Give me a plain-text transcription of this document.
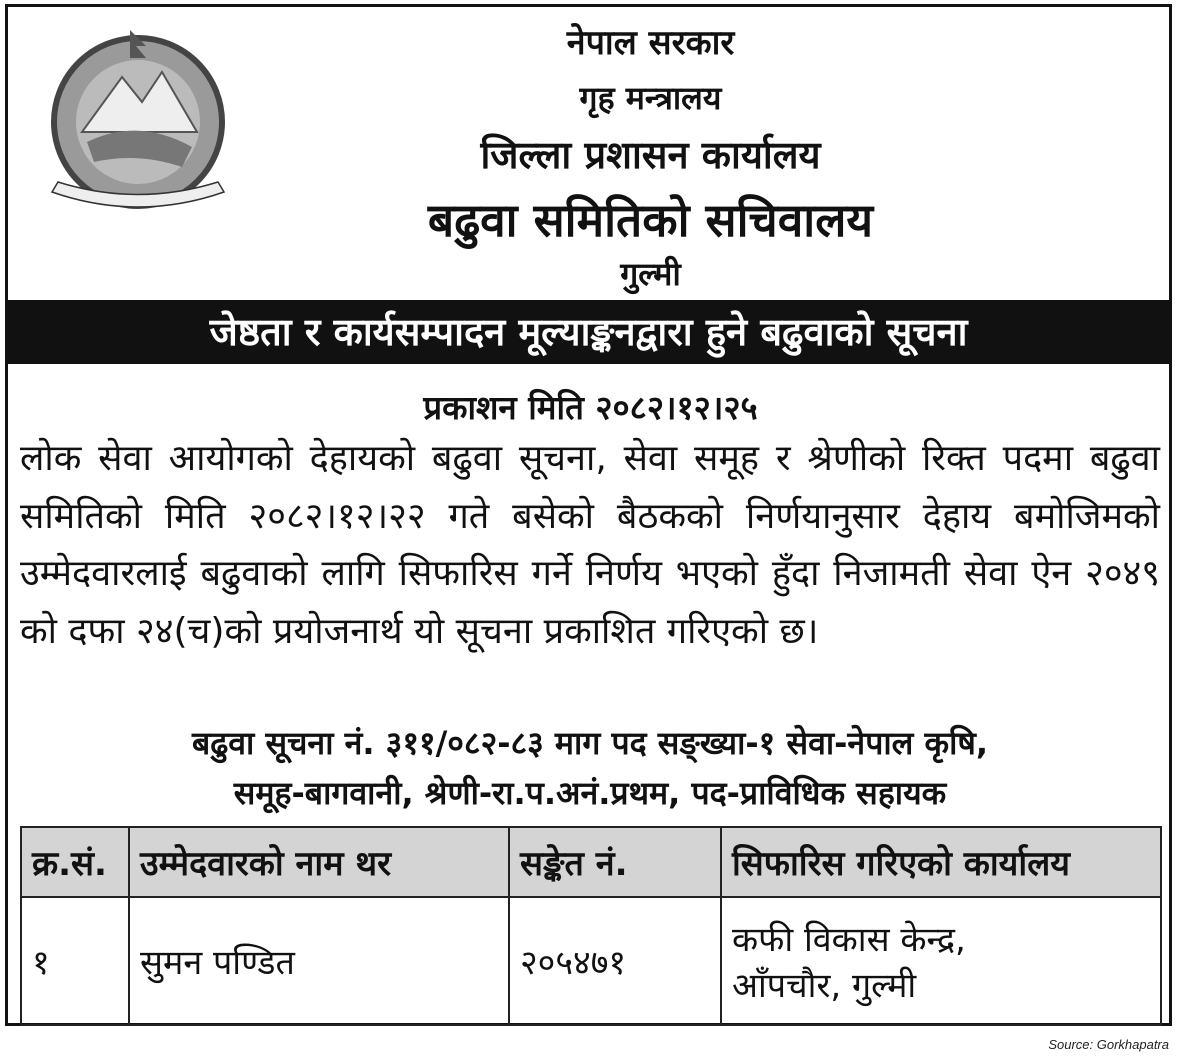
नेपाल सरकार
गृह मन्त्रालय
जिल्ला प्रशासन कार्यालय
बढुवा समितिको सचिवालय
गुल्मी
जेष्ठता र कार्यसम्पादन मूल्याङ्कनद्वारा हुने बढुवाको सूचना
प्रकाशन मिति २०८२।१२।२५
लोक सेवा आयोगको देहायको बढुवा सूचना, सेवा समूह र श्रेणीको रिक्त पदमा बढुवा समितिको मिति २०८२।१२।२२ गते बसेको बैठकको निर्णयानुसार देहाय बमोजिमको उम्मेदवारलाई बढुवाको लागि सिफारिस गर्ने निर्णय भएको हुँदा निजामती सेवा ऐन २०४९ को दफा २४(च)को प्रयोजनार्थ यो सूचना प्रकाशित गरिएको छ।
बढुवा सूचना नं. ३११/०८२-८३ माग पद सङ्ख्या-१ सेवा-नेपाल कृषि,
समूह-बागवानी, श्रेणी-रा.प.अनं.प्रथम, पद-प्राविधिक सहायक
क्र.सं.	उम्मेदवारको नाम थर	सङ्केत नं.	सिफारिस गरिएको कार्यालय
१	सुमन पण्डित	२०५४७१	कफी विकास केन्द्र,
आँपचौर, गुल्मी
Source: Gorkhapatra
